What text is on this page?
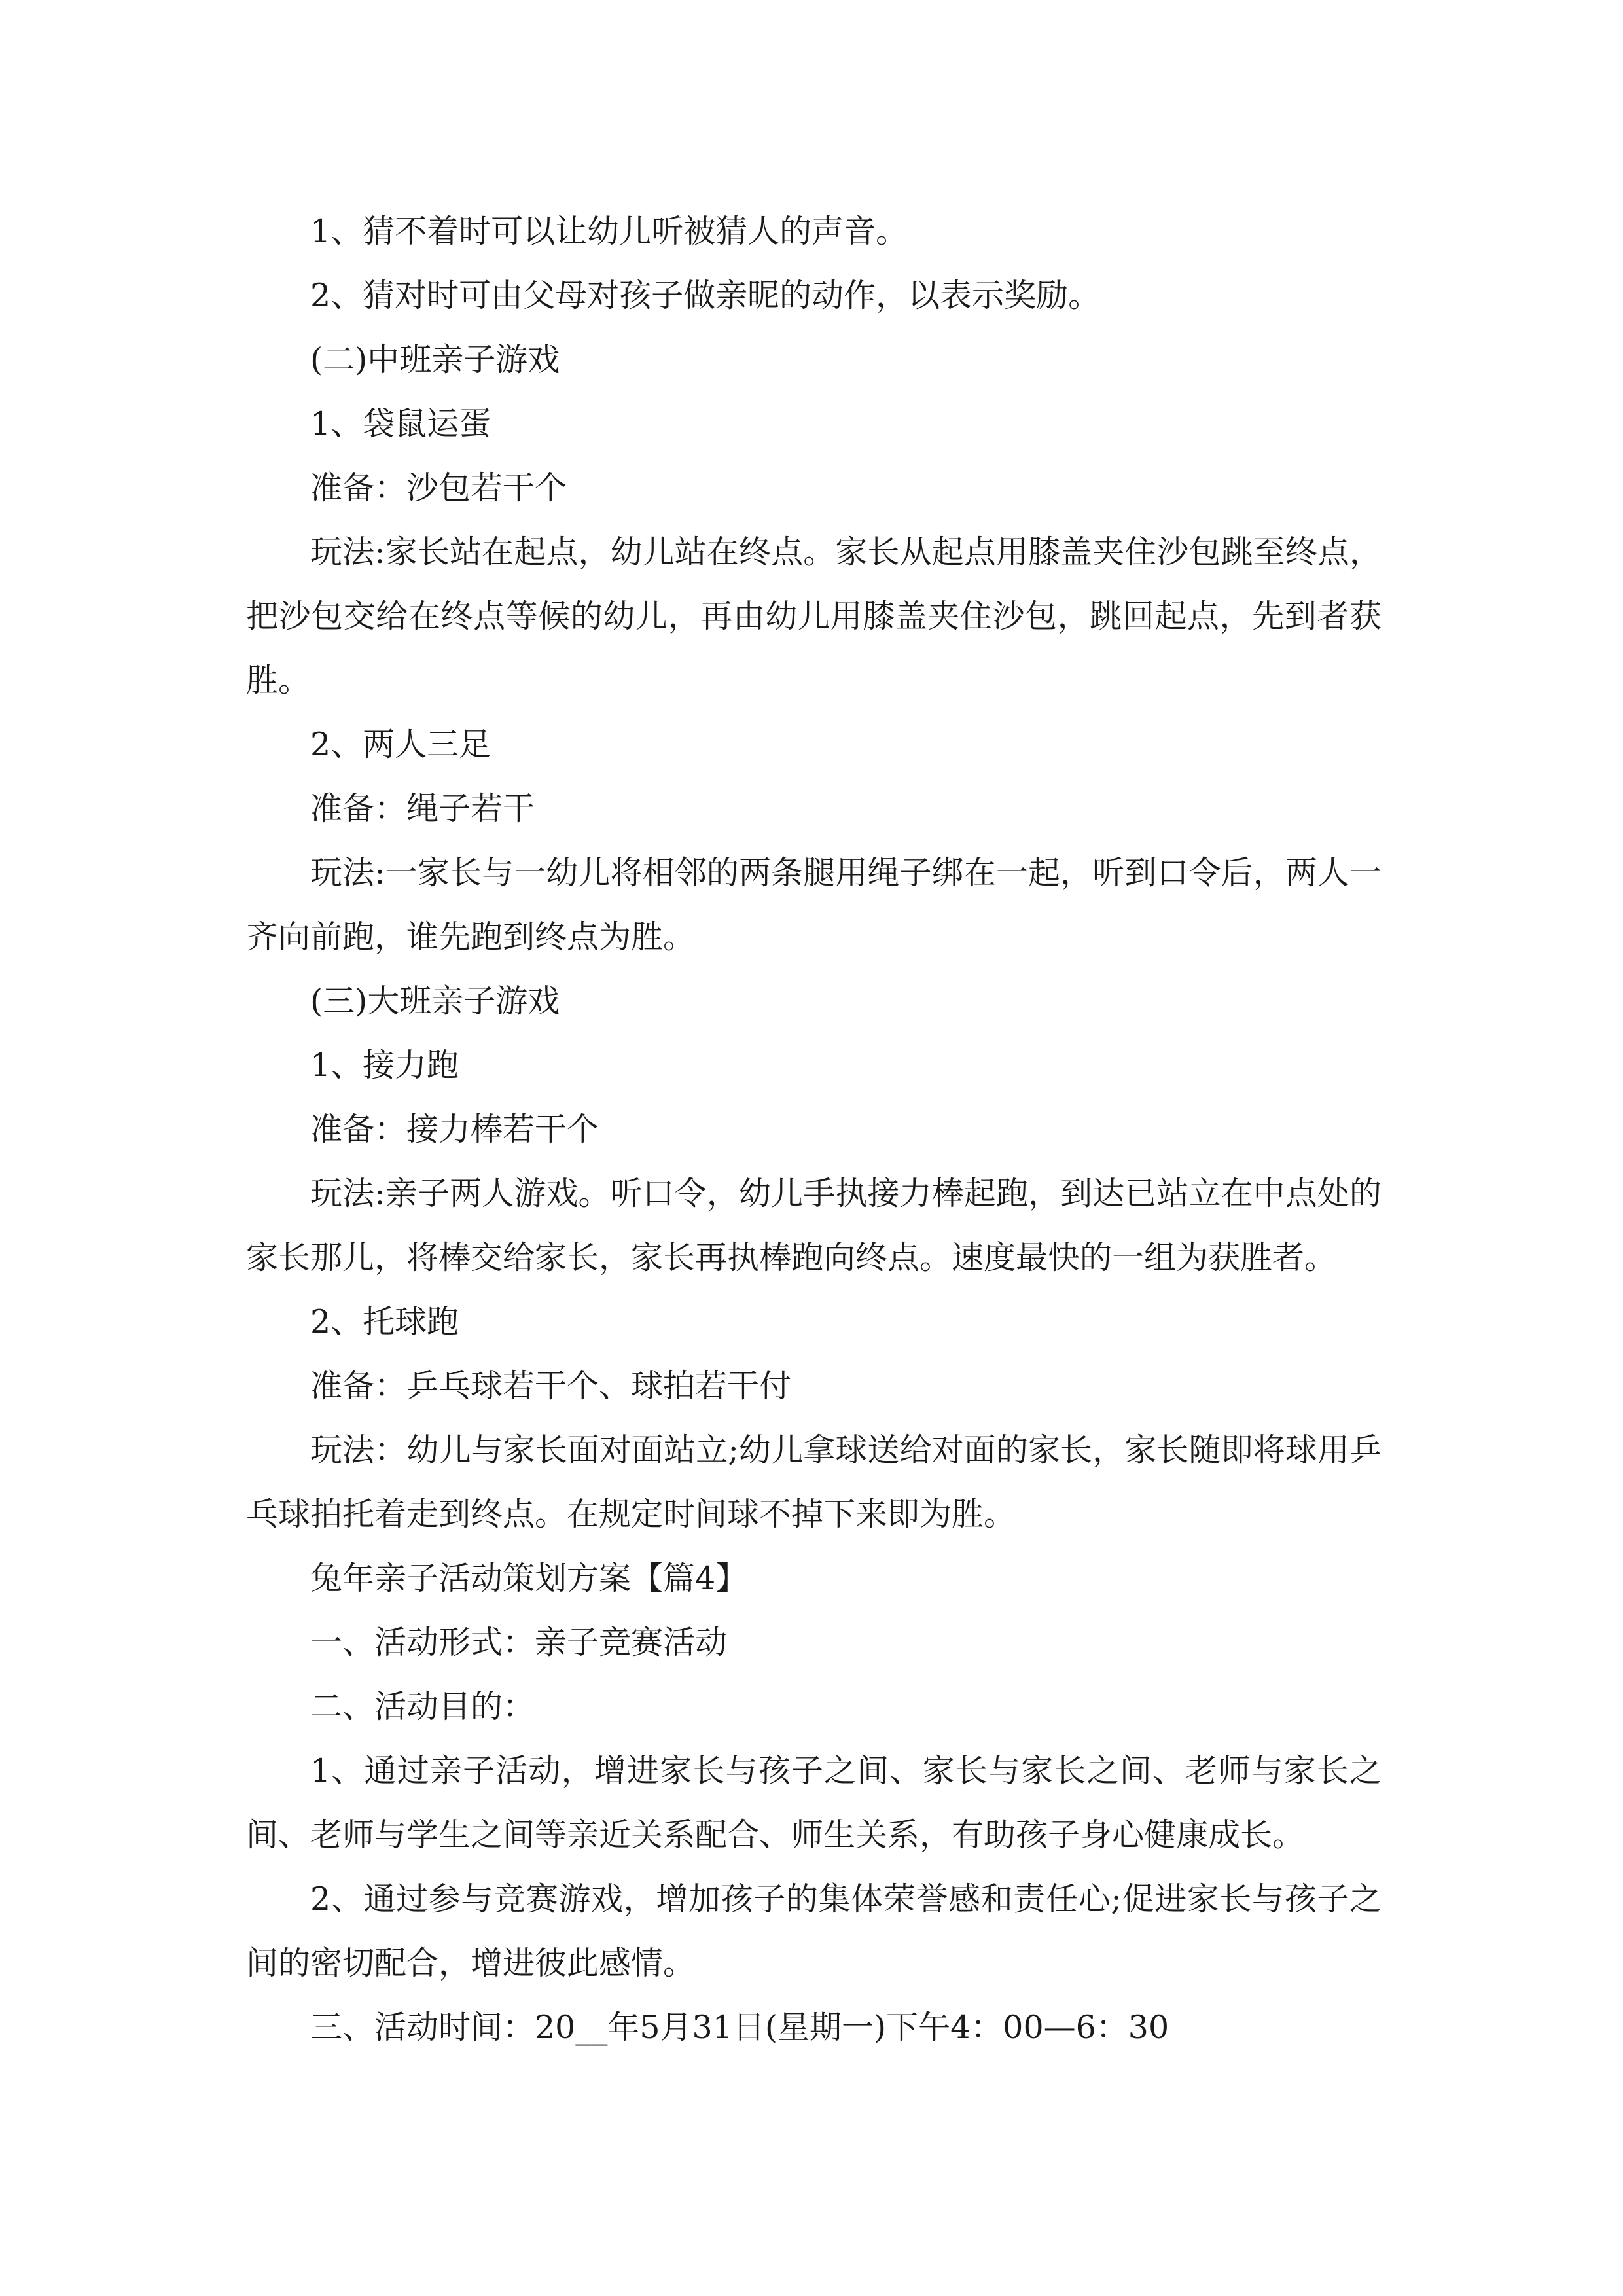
1、猜不着时可以让幼儿听被猜人的声音。

2、猜对时可由父母对孩子做亲昵的动作，以表示奖励。

(二)中班亲子游戏

1、袋鼠运蛋

准备：沙包若干个

玩法:家长站在起点，幼儿站在终点。家长从起点用膝盖夹住沙包跳至终点，把沙包交给在终点等候的幼儿，再由幼儿用膝盖夹住沙包，跳回起点，先到者获胜。

2、两人三足

准备：绳子若干

玩法:一家长与一幼儿将相邻的两条腿用绳子绑在一起，听到口令后，两人一齐向前跑，谁先跑到终点为胜。

(三)大班亲子游戏

1、接力跑

准备：接力棒若干个

玩法:亲子两人游戏。听口令，幼儿手执接力棒起跑，到达已站立在中点处的家长那儿，将棒交给家长，家长再执棒跑向终点。速度最快的一组为获胜者。

2、托球跑

准备：乒乓球若干个、球拍若干付

玩法：幼儿与家长面对面站立;幼儿拿球送给对面的家长，家长随即将球用乒乓球拍托着走到终点。在规定时间球不掉下来即为胜。

兔年亲子活动策划方案【篇4】

一、活动形式：亲子竞赛活动

二、活动目的：

1、通过亲子活动，增进家长与孩子之间、家长与家长之间、老师与家长之间、老师与学生之间等亲近关系配合、师生关系，有助孩子身心健康成长。

2、通过参与竞赛游戏，增加孩子的集体荣誉感和责任心;促进家长与孩子之间的密切配合，增进彼此感情。

三、活动时间：20__年5月31日(星期一)下午4：00—6：30
